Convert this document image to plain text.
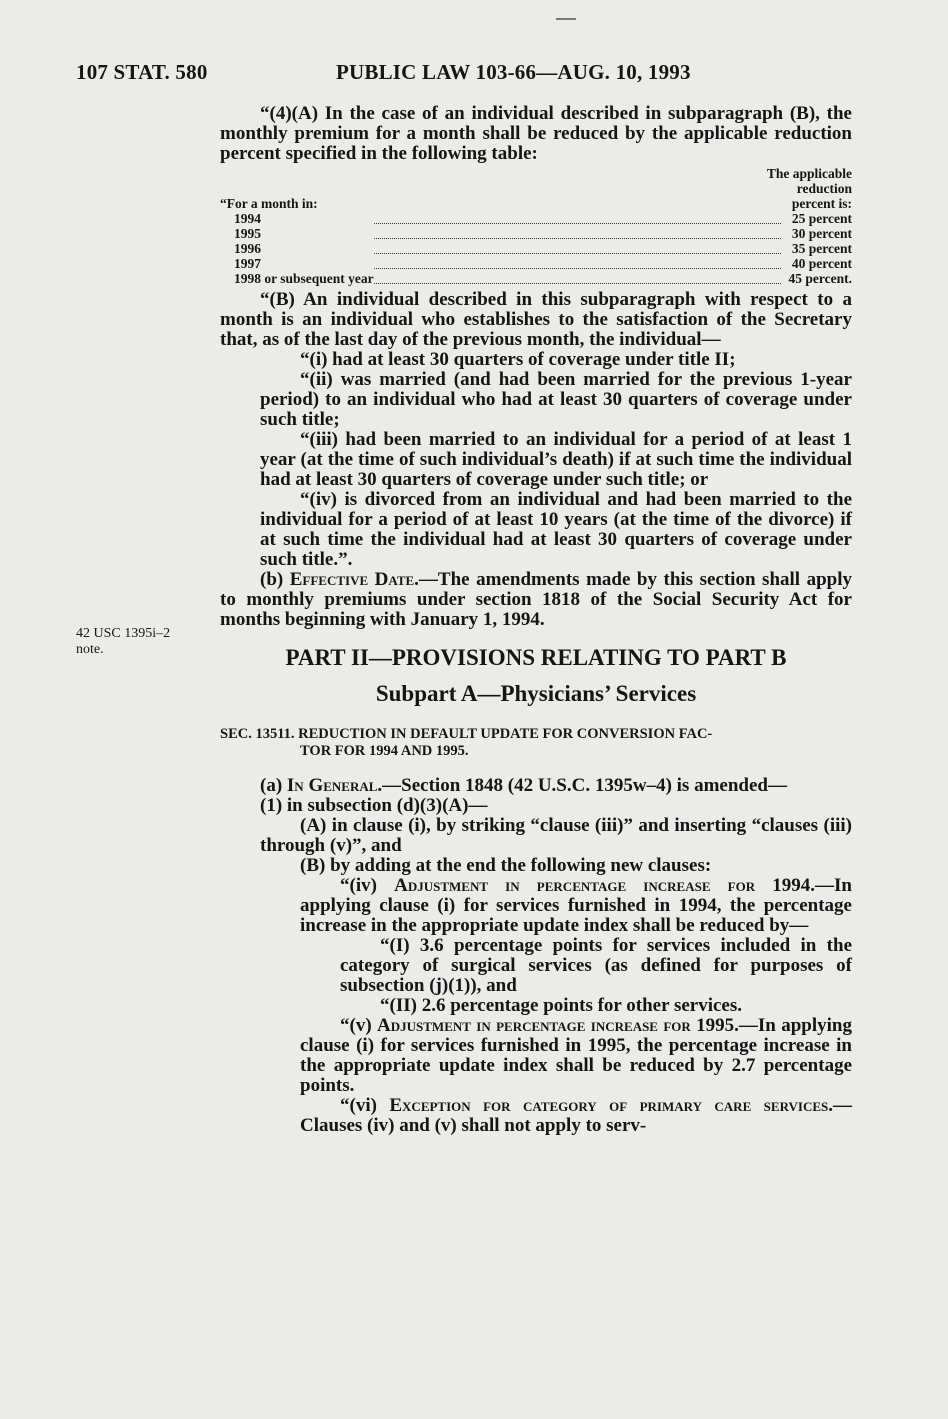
107 STAT. 580	PUBLIC LAW 103-66—AUG. 10, 1993
42 USC 1395i–2
note.

“(4)(A) In the case of an individual described in subparagraph (B), the monthly premium for a month shall be reduced by the applicable reduction percent specified in the following table:

The applicable		
reduction		
“For a month in:		percent is:
1994		25 percent
1995		30 percent
1996		35 percent
1997		40 percent
1998 or subsequent year		45 percent.

“(B) An individual described in this subparagraph with respect to a month is an individual who establishes to the satisfaction of the Secretary that, as of the last day of the previous month, the individual—

“(i) had at least 30 quarters of coverage under title II;

“(ii) was married (and had been married for the previous 1-year period) to an individual who had at least 30 quarters of coverage under such title;

“(iii) had been married to an individual for a period of at least 1 year (at the time of such individual’s death) if at such time the individual had at least 30 quarters of coverage under such title; or

“(iv) is divorced from an individual and had been married to the individual for a period of at least 10 years (at the time of the divorce) if at such time the individual had at least 30 quarters of coverage under such title.”.

(b) Effective Date.—The amendments made by this section shall apply to monthly premiums under section 1818 of the Social Security Act for months beginning with January 1, 1994.

PART II—PROVISIONS RELATING TO PART B
Subpart A—Physicians’ Services
SEC. 13511. REDUCTION IN DEFAULT UPDATE FOR CONVERSION FAC-
TOR FOR 1994 AND 1995.

(a) In General.—Section 1848 (42 U.S.C. 1395w–4) is amended—

(1) in subsection (d)(3)(A)—

(A) in clause (i), by striking “clause (iii)” and inserting “clauses (iii) through (v)”, and

(B) by adding at the end the following new clauses:

“(iv) Adjustment in percentage increase for 1994.—In applying clause (i) for services furnished in 1994, the percentage increase in the appropriate update index shall be reduced by—

“(I) 3.6 percentage points for services included in the category of surgical services (as defined for purposes of subsection (j)(1)), and

“(II) 2.6 percentage points for other services.

“(v) Adjustment in percentage increase for 1995.—In applying clause (i) for services furnished in 1995, the percentage increase in the appropriate update index shall be reduced by 2.7 percentage points.

“(vi) Exception for category of primary care services.—Clauses (iv) and (v) shall not apply to serv-
